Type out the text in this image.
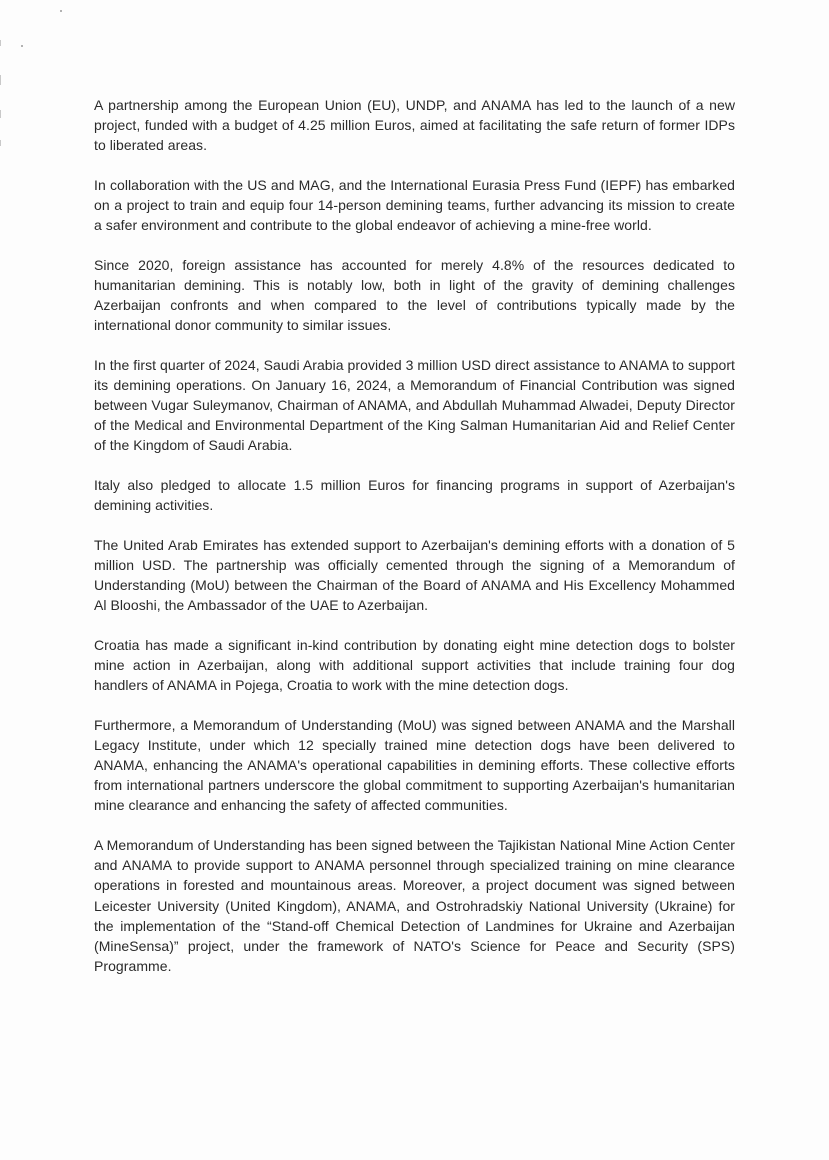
A partnership among the European Union (EU), UNDP, and ANAMA has led to the launch of a new project, funded with a budget of 4.25 million Euros, aimed at facilitating the safe return of former IDPs to liberated areas.

In collaboration with the US and MAG, and the International Eurasia Press Fund (IEPF) has embarked on a project to train and equip four 14-person demining teams, further advancing its mission to create a safer environment and contribute to the global endeavor of achieving a mine-free world.

Since 2020, foreign assistance has accounted for merely 4.8% of the resources dedicated to humanitarian demining. This is notably low, both in light of the gravity of demining challenges Azerbaijan confronts and when compared to the level of contributions typically made by the international donor community to similar issues.

In the first quarter of 2024, Saudi Arabia provided 3 million USD direct assistance to ANAMA to support its demining operations. On January 16, 2024, a Memorandum of Financial Contribution was signed between Vugar Suleymanov, Chairman of ANAMA, and Abdullah Muhammad Alwadei, Deputy Director of the Medical and Environmental Department of the King Salman Humanitarian Aid and Relief Center of the Kingdom of Saudi Arabia.

Italy also pledged to allocate 1.5 million Euros for financing programs in support of Azerbaijan's demining activities.

The United Arab Emirates has extended support to Azerbaijan's demining efforts with a donation of 5 million USD. The partnership was officially cemented through the signing of a Memorandum of Understanding (MoU) between the Chairman of the Board of ANAMA and His Excellency Mohammed Al Blooshi, the Ambassador of the UAE to Azerbaijan.

Croatia has made a significant in-kind contribution by donating eight mine detection dogs to bolster mine action in Azerbaijan, along with additional support activities that include training four dog handlers of ANAMA in Pojega, Croatia to work with the mine detection dogs.

Furthermore, a Memorandum of Understanding (MoU) was signed between ANAMA and the Marshall Legacy Institute, under which 12 specially trained mine detection dogs have been delivered to ANAMA, enhancing the ANAMA's operational capabilities in demining efforts. These collective efforts from international partners underscore the global commitment to supporting Azerbaijan's humanitarian mine clearance and enhancing the safety of affected communities.

A Memorandum of Understanding has been signed between the Tajikistan National Mine Action Center and ANAMA to provide support to ANAMA personnel through specialized training on mine clearance operations in forested and mountainous areas. Moreover, a project document was signed between Leicester University (United Kingdom), ANAMA, and Ostrohradskiy National University (Ukraine) for the implementation of the “Stand-off Chemical Detection of Landmines for Ukraine and Azerbaijan (MineSensa)” project, under the framework of NATO's Science for Peace and Security (SPS) Programme.
